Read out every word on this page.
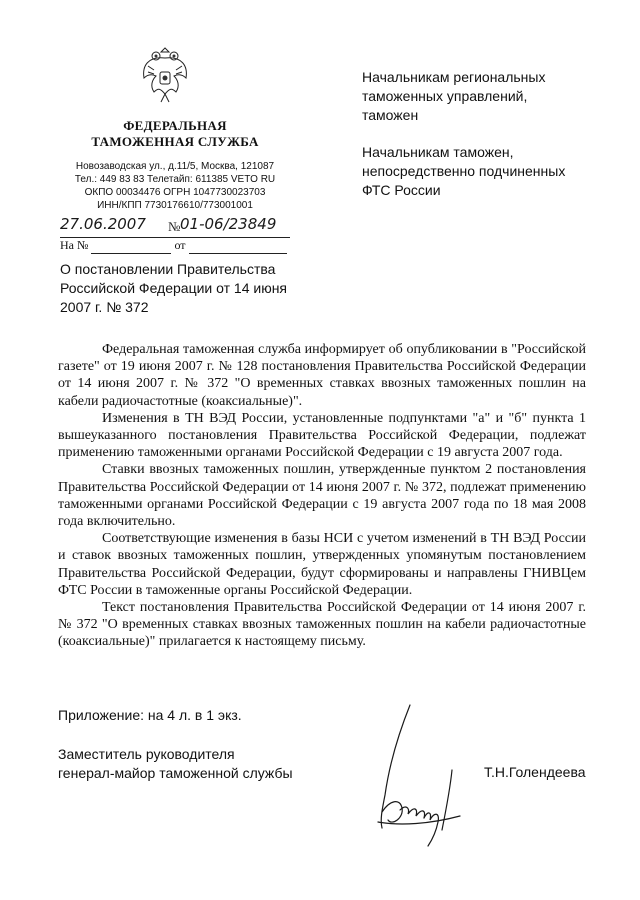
ФЕДЕРАЛЬНАЯ
ТАМОЖЕННАЯ СЛУЖБА
Новозаводская ул., д.11/5, Москва, 121087
Тел.: 449 83 83 Телетайп: 611385 VETO RU
ОКПО 00034476 ОГРН 1047730023703
ИНН/КПП 7730176610/773001001
27.06.2007 № 01-06/23849
На №	от
О постановлении Правительства
Российской Федерации от 14 июня
2007 г. № 372
Начальникам региональных
таможенных управлений,
таможен
Начальникам таможен,
непосредственно подчиненных
ФТС России

Федеральная таможенная служба информирует об опубликовании в "Российской газете" от 19 июня 2007 г. № 128 постановления Правительства Российской Федерации от 14 июня 2007 г. № 372 "О временных ставках ввозных таможенных пошлин на кабели радиочастотные (коаксиальные)".

Изменения в ТН ВЭД России, установленные подпунктами "а" и "б" пункта 1 вышеуказанного постановления Правительства Российской Федерации, подлежат применению таможенными органами Российской Федерации с 19 августа 2007 года.

Ставки ввозных таможенных пошлин, утвержденные пунктом 2 постановления Правительства Российской Федерации от 14 июня 2007 г. № 372, подлежат применению таможенными органами Российской Федерации с 19 августа 2007 года по 18 мая 2008 года включительно.

Соответствующие изменения в базы НСИ с учетом изменений в ТН ВЭД России и ставок ввозных таможенных пошлин, утвержденных упомянутым постановлением Правительства Российской Федерации, будут сформированы и направлены ГНИВЦем ФТС России в таможенные органы Российской Федерации.

Текст постановления Правительства Российской Федерации от 14 июня 2007 г. № 372 "О временных ставках ввозных таможенных пошлин на кабели радиочастотные (коаксиальные)" прилагается к настоящему письму.

Приложение: на 4 л. в 1 экз.
Заместитель руководителя
генерал-майор таможенной службы	Т.Н.Голендеева
